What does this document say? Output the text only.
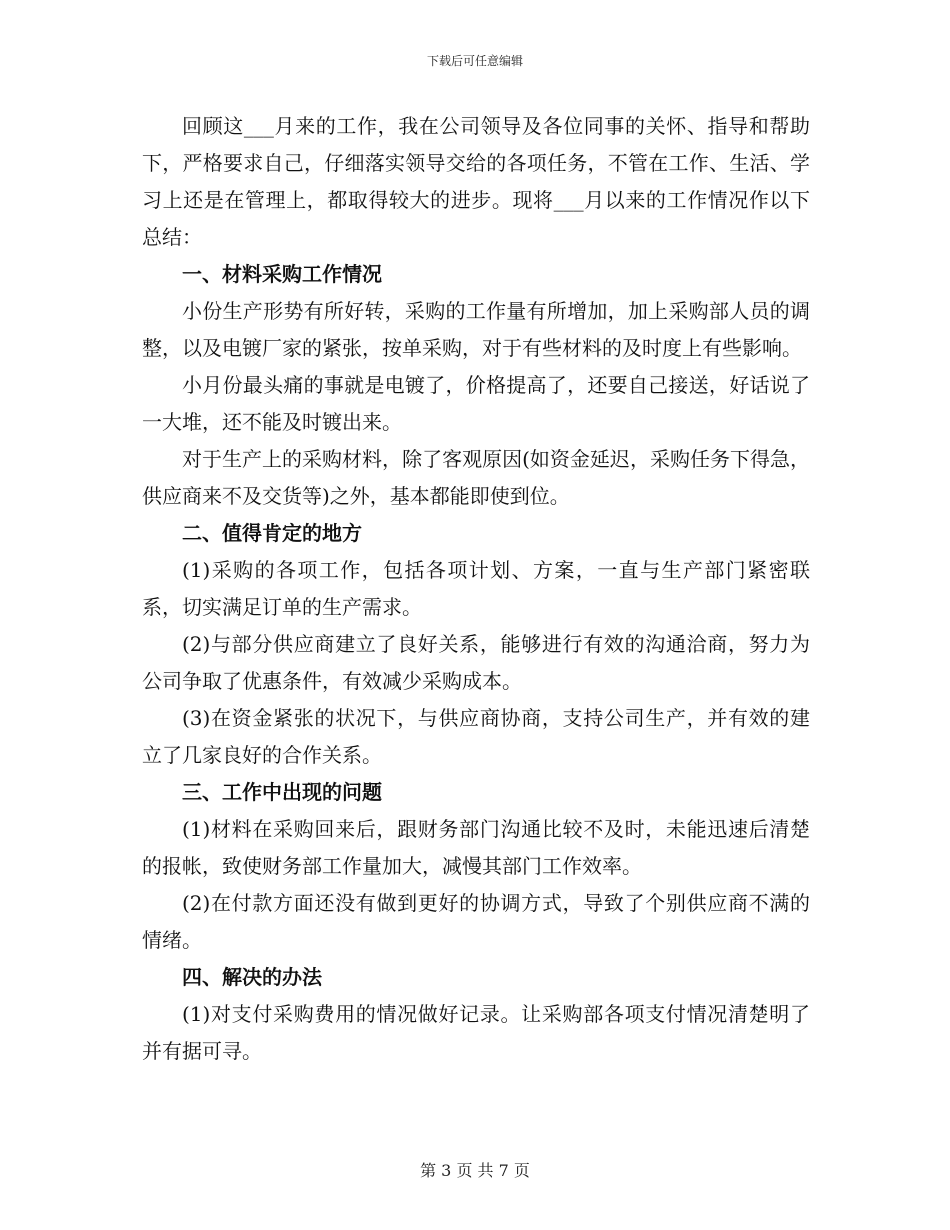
下载后可任意编辑

回顾这___月来的工作，我在公司领导及各位同事的关怀、指导和帮助下，严格要求自己，仔细落实领导交给的各项任务，不管在工作、生活、学习上还是在管理上，都取得较大的进步。现将___月以来的工作情况作以下总结：

一、材料采购工作情况

小份生产形势有所好转，采购的工作量有所增加，加上采购部人员的调整，以及电镀厂家的紧张，按单采购，对于有些材料的及时度上有些影响。

小月份最头痛的事就是电镀了，价格提高了，还要自己接送，好话说了一大堆，还不能及时镀出来。

对于生产上的采购材料，除了客观原因(如资金延迟，采购任务下得急，供应商来不及交货等)之外，基本都能即使到位。

二、值得肯定的地方

(1)采购的各项工作，包括各项计划、方案，一直与生产部门紧密联系，切实满足订单的生产需求。

(2)与部分供应商建立了良好关系，能够进行有效的沟通洽商，努力为公司争取了优惠条件，有效减少采购成本。

(3)在资金紧张的状况下，与供应商协商，支持公司生产，并有效的建立了几家良好的合作关系。

三、工作中出现的问题

(1)材料在采购回来后，跟财务部门沟通比较不及时，未能迅速后清楚的报帐，致使财务部工作量加大，减慢其部门工作效率。

(2)在付款方面还没有做到更好的协调方式，导致了个别供应商不满的情绪。

四、解决的办法

(1)对支付采购费用的情况做好记录。让采购部各项支付情况清楚明了并有据可寻。

第 3 页 共 7 页
